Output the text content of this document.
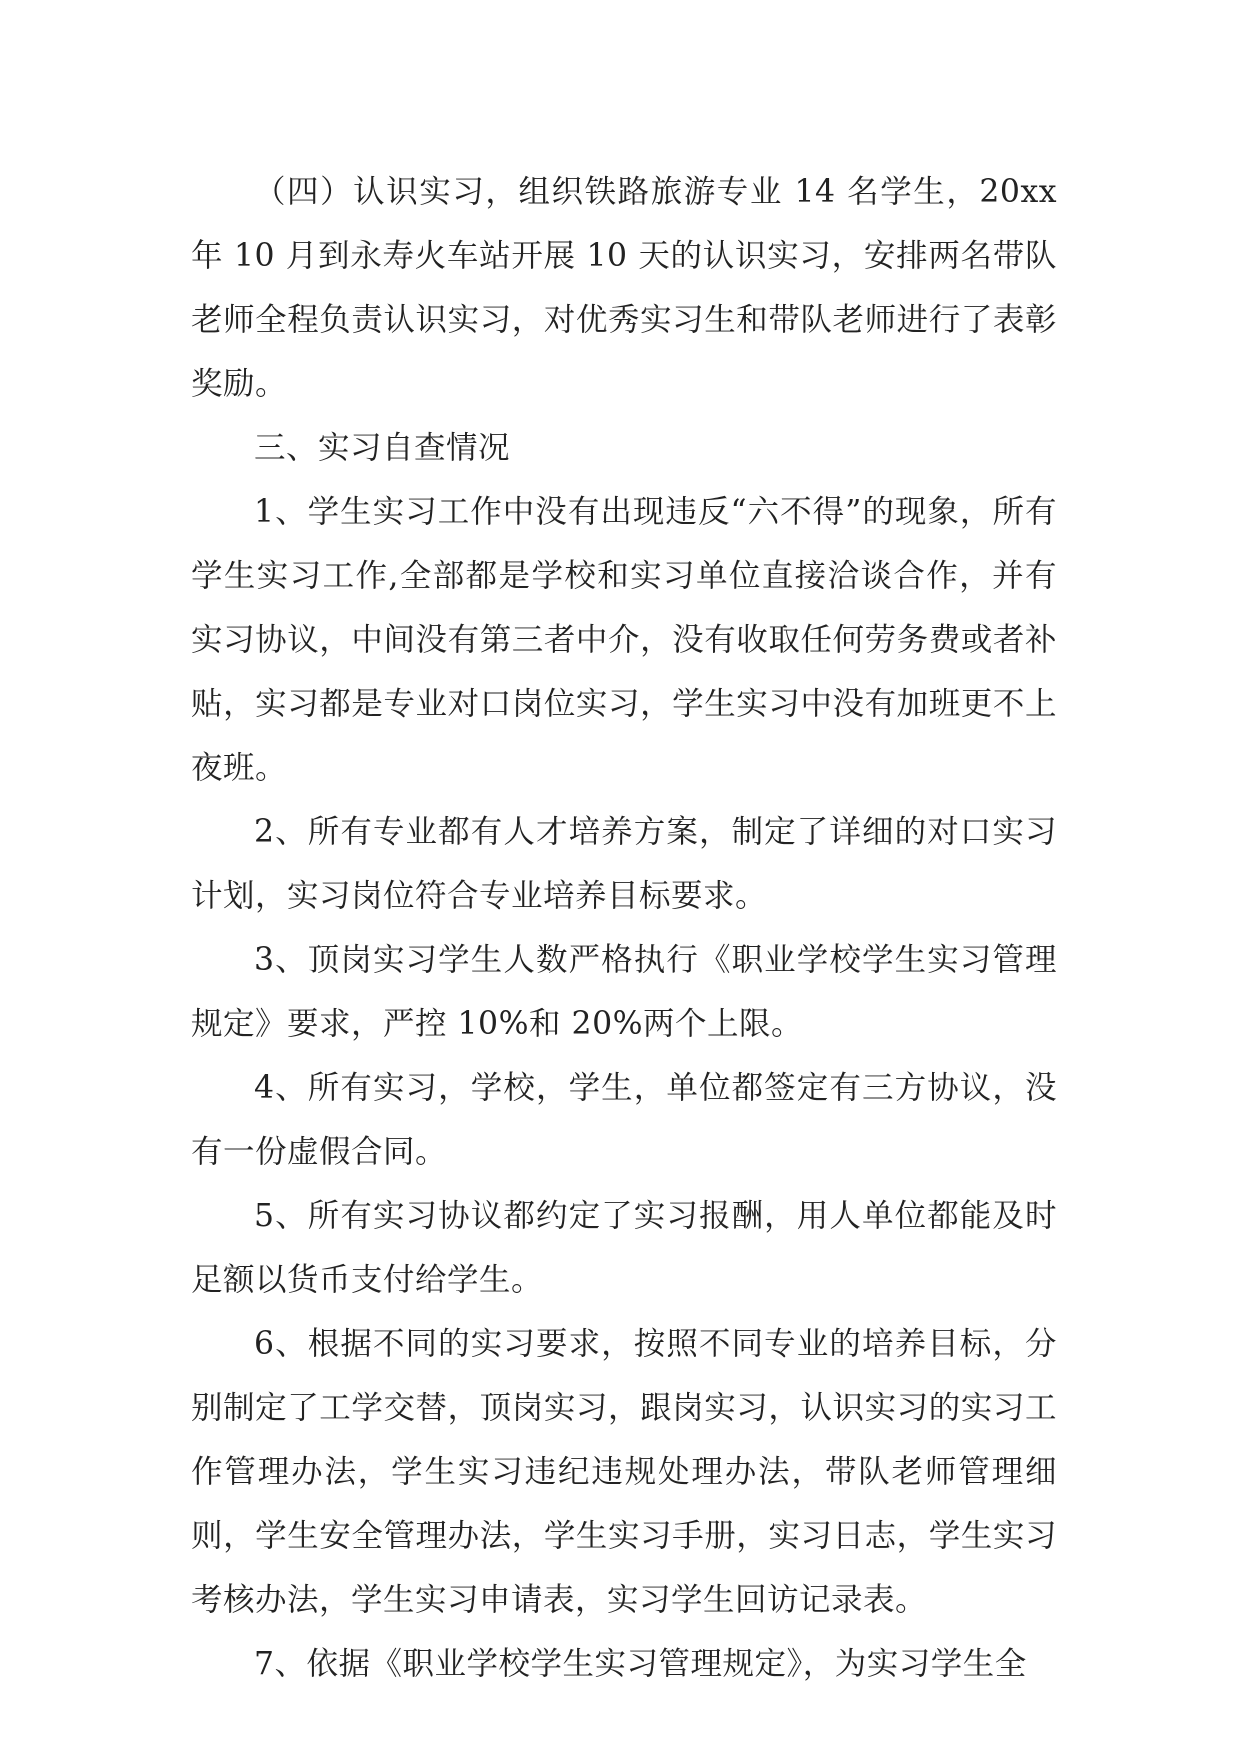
（四）认识实习，组织铁路旅游专业 14 名学生，20xx 年 10 月到永寿火车站开展 10 天的认识实习，安排两名带队老师全程负责认识实习，对优秀实习生和带队老师进行了表彰奖励。

三、实习自查情况

1、学生实习工作中没有出现违反“六不得”的现象，所有学生实习工作,全部都是学校和实习单位直接洽谈合作，并有实习协议，中间没有第三者中介，没有收取任何劳务费或者补贴，实习都是专业对口岗位实习，学生实习中没有加班更不上夜班。

2、所有专业都有人才培养方案，制定了详细的对口实习计划，实习岗位符合专业培养目标要求。

3、顶岗实习学生人数严格执行《职业学校学生实习管理规定》要求，严控 10%和 20%两个上限。

4、所有实习，学校，学生，单位都签定有三方协议，没有一份虚假合同。

5、所有实习协议都约定了实习报酬，用人单位都能及时足额以货币支付给学生。

6、根据不同的实习要求，按照不同专业的培养目标，分别制定了工学交替，顶岗实习，跟岗实习，认识实习的实习工作管理办法，学生实习违纪违规处理办法，带队老师管理细则，学生安全管理办法，学生实习手册，实习日志，学生实习考核办法，学生实习申请表，实习学生回访记录表。

7、依据《职业学校学生实习管理规定》，为实习学生全
